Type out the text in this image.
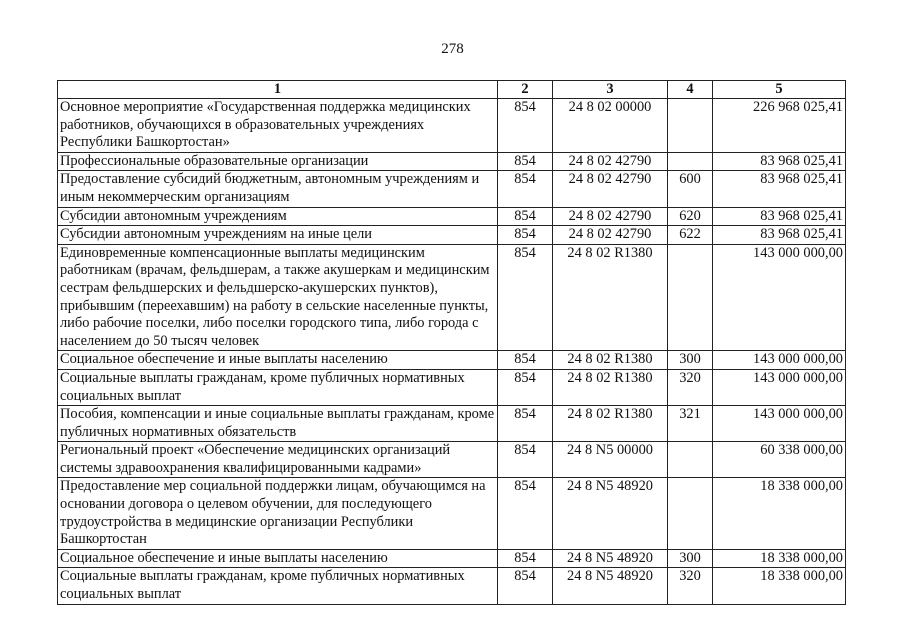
278
1	2	3	4	5
Основное мероприятие «Государственная поддержка медицинских работников, обучающихся в образовательных учреждениях Республики Башкортостан»	854	24 8 02 00000		226 968 025,41
Профессиональные образовательные организации	854	24 8 02 42790		83 968 025,41
Предоставление субсидий бюджетным, автономным учреждениям и иным некоммерческим организациям	854	24 8 02 42790	600	83 968 025,41
Субсидии автономным учреждениям	854	24 8 02 42790	620	83 968 025,41
Субсидии автономным учреждениям на иные цели	854	24 8 02 42790	622	83 968 025,41
Единовременные компенсационные выплаты медицинским работникам (врачам, фельдшерам, а также акушеркам и медицинским сестрам фельдшерских и фельдшерско-акушерских пунктов), прибывшим (переехавшим) на работу в сельские населенные пункты, либо рабочие поселки, либо поселки городского типа, либо города с населением до 50 тысяч человек	854	24 8 02 R1380		143 000 000,00
Социальное обеспечение и иные выплаты населению	854	24 8 02 R1380	300	143 000 000,00
Социальные выплаты гражданам, кроме публичных нормативных социальных выплат	854	24 8 02 R1380	320	143 000 000,00
Пособия, компенсации и иные социальные выплаты гражданам, кроме публичных нормативных обязательств	854	24 8 02 R1380	321	143 000 000,00
Региональный проект «Обеспечение медицинских организаций системы здравоохранения квалифицированными кадрами»	854	24 8 N5 00000		60 338 000,00
Предоставление мер социальной поддержки лицам, обучающимся на основании договора о целевом обучении, для последующего трудоустройства в медицинские организации Республики Башкортостан	854	24 8 N5 48920		18 338 000,00
Социальное обеспечение и иные выплаты населению	854	24 8 N5 48920	300	18 338 000,00
Социальные выплаты гражданам, кроме публичных нормативных социальных выплат	854	24 8 N5 48920	320	18 338 000,00
